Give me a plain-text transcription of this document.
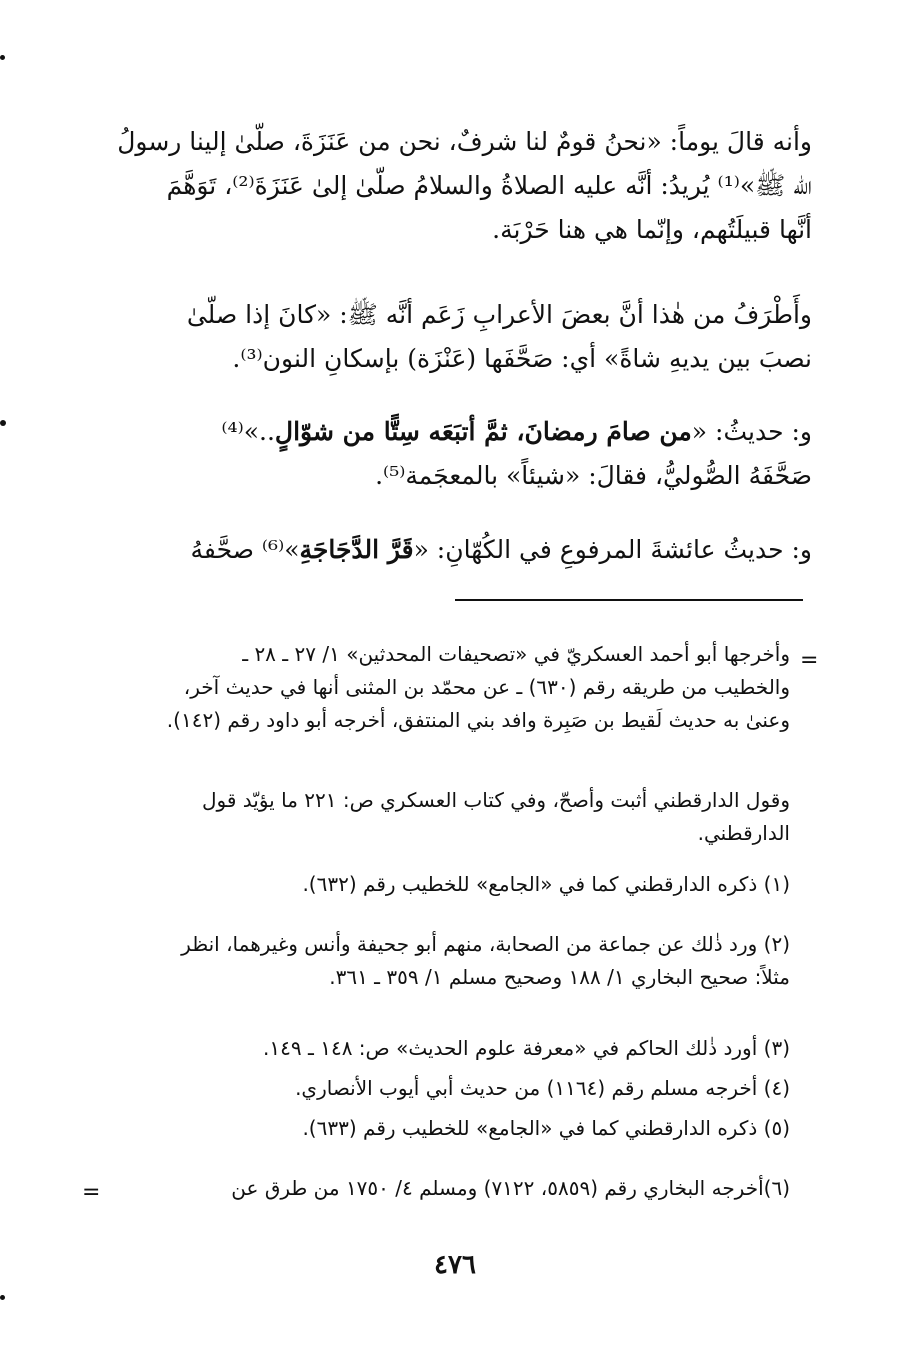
وأنه قالَ يوماً: «نحنُ قومٌ لنا شرفٌ، نحن من عَنَزَةَ، صلّىٰ إلينا رسولُ

الله ﷺ»⁽¹⁾ يُريدُ: أنَّه عليه الصلاةُ والسلامُ صلّىٰ إلىٰ عَنَزَةَ⁽²⁾، تَوَهَّمَ

أنَّها قبيلَتُهم، وإنّما هي هنا حَرْبَة.

وأَطْرَفُ من هٰذا أنَّ بعضَ الأعرابِ زَعَم أنَّه ﷺ: «كانَ إذا صلّىٰ

نصبَ بين يديهِ شاةً» أي: صَحَّفَها (عَنْزَة) بإسكانِ النون⁽³⁾.

و: حديثُ: «من صامَ رمضانَ، ثمَّ أتبَعَه سِتًّا من شوّالٍ..»⁽⁴⁾

صَحَّفَهُ الصُّوليُّ، فقالَ: «شيئاً» بالمعجَمة⁽⁵⁾.

و: حديثُ عائشةَ المرفوعِ في الكُهّانِ: «قَرَّ الدَّجَاجَةِ»⁽⁶⁾ صحَّفهُ

=

وأخرجها أبو أحمد العسكريّ في «تصحيفات المحدثين» ١/ ٢٧ ـ ٢٨ ـ

والخطيب من طريقه رقم (٦٣٠) ـ عن محمّد بن المثنى أنها في حديث آخر،

وعنىٰ به حديث لَقيط بن صَبِرة وافد بني المنتفق، أخرجه أبو داود رقم (١٤٢).

وقول الدارقطني أثبت وأصحّ، وفي كتاب العسكري ص: ٢٢١ ما يؤيّد قول

الدارقطني.

(١) ذكره الدارقطني كما في «الجامع» للخطيب رقم (٦٣٢).

(٢) ورد ذٰلك عن جماعة من الصحابة، منهم أبو جحيفة وأنس وغيرهما، انظر

مثلاً: صحيح البخاري ١/ ١٨٨ وصحيح مسلم ١/ ٣٥٩ ـ ٣٦١.

(٣) أورد ذٰلك الحاكم في «معرفة علوم الحديث» ص: ١٤٨ ـ ١٤٩.

(٤) أخرجه مسلم رقم (١١٦٤) من حديث أبي أيوب الأنصاري.

(٥) ذكره الدارقطني كما في «الجامع» للخطيب رقم (٦٣٣).

(٦)أخرجه البخاري رقم (٥٨٥٩، ٧١٢٢) ومسلم ٤/ ١٧٥٠ من طرق عن

=
٤٧٦
